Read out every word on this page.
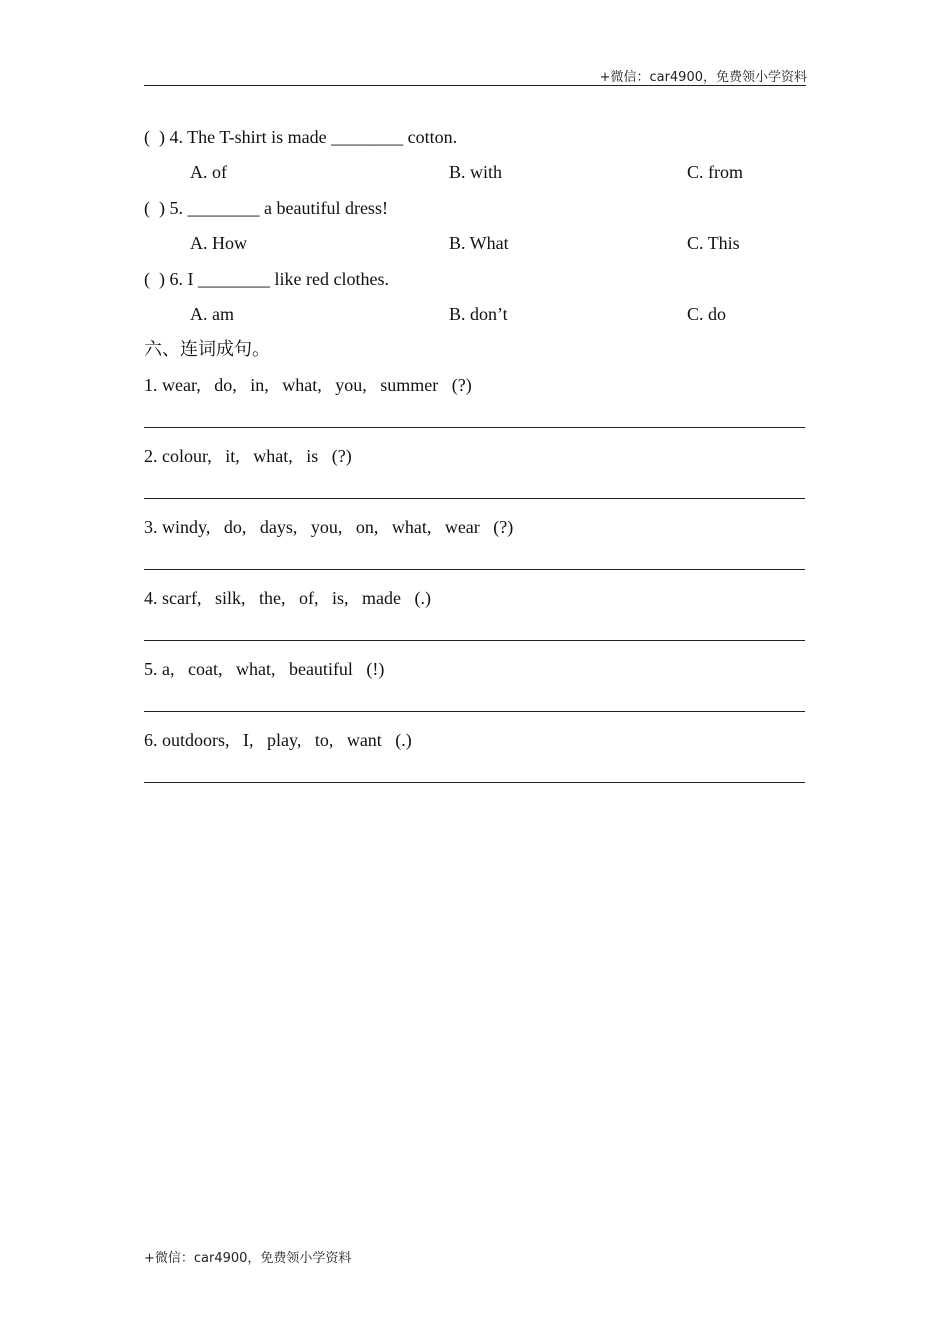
+微信：car4900，免费领小学资料
(  ) 4. The T-shirt is made ________ cotton.
A. of	B. with	C. from
(  ) 5. ________ a beautiful dress!
A. How	B. What	C. This
(  ) 6. I ________ like red clothes.
A. am	B. don’t	C. do
六、连词成句。
1. wear,   do,   in,   what,   you,   summer   (?)
2. colour,   it,   what,   is   (?)
3. windy,   do,   days,   you,   on,   what,   wear   (?)
4. scarf,   silk,   the,   of,   is,   made   (.)
5. a,   coat,   what,   beautiful   (!)
6. outdoors,   I,   play,   to,   want   (.)
+微信：car4900，免费领小学资料
